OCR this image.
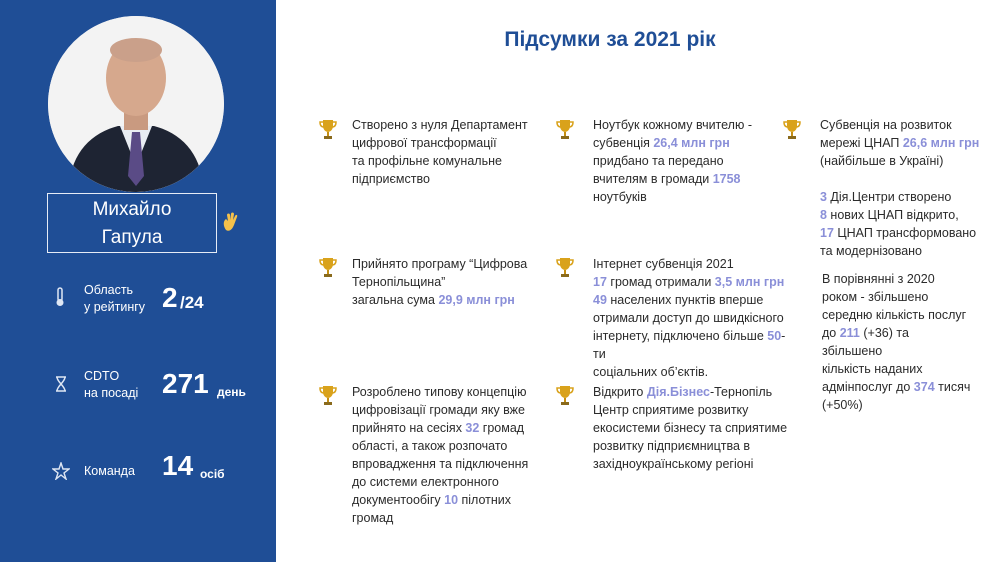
Михайло
Гапула
Область
у рейтингу 2 /24
CDTO
на посаді 271 день
Команда 14 осіб
Підсумки за 2021 рік
Створено з нуля Департамент
цифрової трансформації
та профільне комунальне
підприємство
Прийнято програму “Цифрова
Тернопільщина”
загальна сума 29,9 млн грн
Розроблено типову концепцію
цифровізації громади яку вже
прийнято на сесіях 32 громад
області, а також розпочато
впровадження та підключення
до системи електронного
документообігу 10 пілотних
громад
Ноутбук кожному вчителю -
субвенція 26,4 млн грн
придбано та передано
вчителям в громади 1758
ноутбуків
Інтернет субвенція 2021
17 громад отримали 3,5 млн грн
49 населених пунктів вперше
отримали доступ до швидкісного
інтернету, підключено більше 50-ти
соціальних об’єктів.
Відкрито Дія.Бізнес-Тернопіль
Центр сприятиме розвитку
екосистеми бізнесу та сприятиме
розвитку підприємництва в
західноукраїнському регіоні
Субвенція на розвиток
мережі ЦНАП 26,6 млн грн
(найбільше в Україні)
3 Дія.Центри створено
8 нових ЦНАП відкрито,
17 ЦНАП трансформовано
та модернізовано
В порівнянні з 2020
роком - збільшено
середню кількість послуг
до 211 (+36) та
збільшено
кількість наданих
адмінпослуг до 374 тисяч
(+50%)
